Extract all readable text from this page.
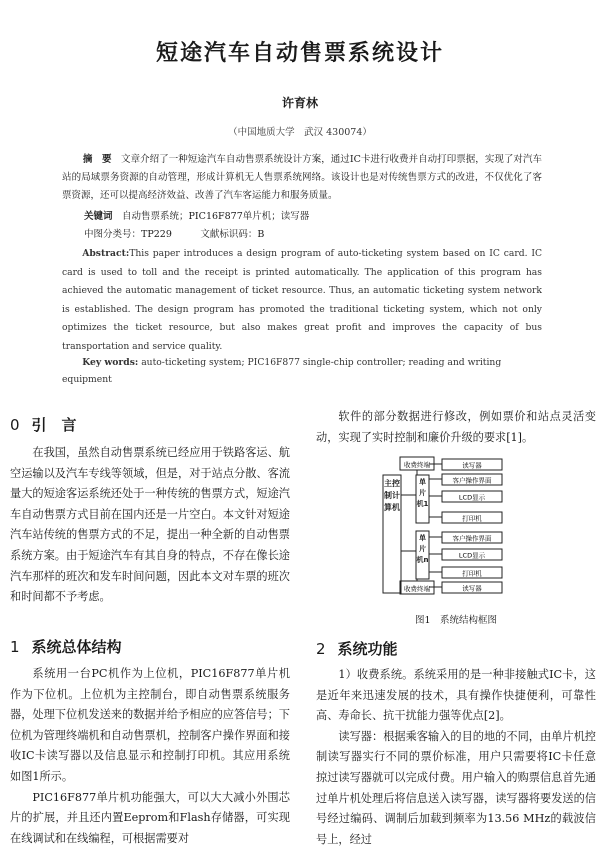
短途汽车自动售票系统设计
许育林
（中国地质大学　武汉 430074）
摘　要　 文章介绍了一种短途汽车自动售票系统设计方案，通过IC卡进行收费并自动打印票据，实现了对汽车站的局域票务资源的自动管理，形成计算机无人售票系统网络。该设计也是对传统售票方式的改进，不仅优化了客票资源，还可以提高经济效益、改善了汽车客运能力和服务质量。
关键词　 自动售票系统；PIC16F877单片机；读写器
中图分类号：TP229　　　	文献标识码：B
Abstract:This paper introduces a design program of auto-ticketing system based on IC card. IC card is used to toll and the receipt is printed automatically. The application of this program has achieved the automatic management of ticket resource. Thus, an automatic ticketing system network is established. The design program has promoted the traditional ticketing system, which not only optimizes the ticket resource, but also makes great profit and improves the capacity of bus transportation and service quality.
Key words: auto-ticketing system; PIC16F877 single-chip controller; reading and writing equipment
0 引　言

在我国，虽然自动售票系统已经应用于铁路客运、航空运输以及汽车专线等领域，但是，对于站点分散、客流量大的短途客运系统还处于一种传统的售票方式，短途汽车自动售票方式目前在国内还是一片空白。本文针对短途汽车站传统的售票方式的不足，提出一种全新的自动售票系统方案。由于短途汽车有其自身的特点，不存在像长途汽车那样的班次和发车时间问题，因此本文对车票的班次和时间都不予考虑。

1 系统总体结构

系统用一台PC机作为上位机，PIC16F877单片机作为下位机。上位机为主控制台，即自动售票系统服务器，处理下位机发送来的数据并给予相应的应答信号；下位机为管理终端机和自动售票机，控制客户操作界面和接收IC卡读写器以及信息显示和控制打印机。其应用系统如图1所示。

PIC16F877单片机功能强大，可以大大减小外围芯片的扩展，并且还内置Eeprom和Flash存储器，可实现在线调试和在线编程，可根据需要对

软件的部分数据进行修改，例如票价和站点灵活变动，实现了实时控制和廉价升级的要求[1]。

收费终端
收费终端
读写器
客户操作界面
LCD显示
打印机
客户操作界面
LCD显示
打印机
读写器
主控制计算机
单片机1
单片机n
图1　系统结构框图
2 系统功能

1）收费系统。系统采用的是一种非接触式IC卡，这是近年来迅速发展的技术，具有操作快捷便利，可靠性高、寿命长、抗干扰能力强等优点[2]。

读写器：根据乘客输入的目的地的不同，由单片机控制读写器实行不同的票价标准，用户只需要将IC卡任意掠过读写器就可以完成付费。用户输入的购票信息首先通过单片机处理后将信息送入读写器，读写器将要发送的信号经过编码、调制后加载到频率为13.56 MHz的载波信号上，经过
